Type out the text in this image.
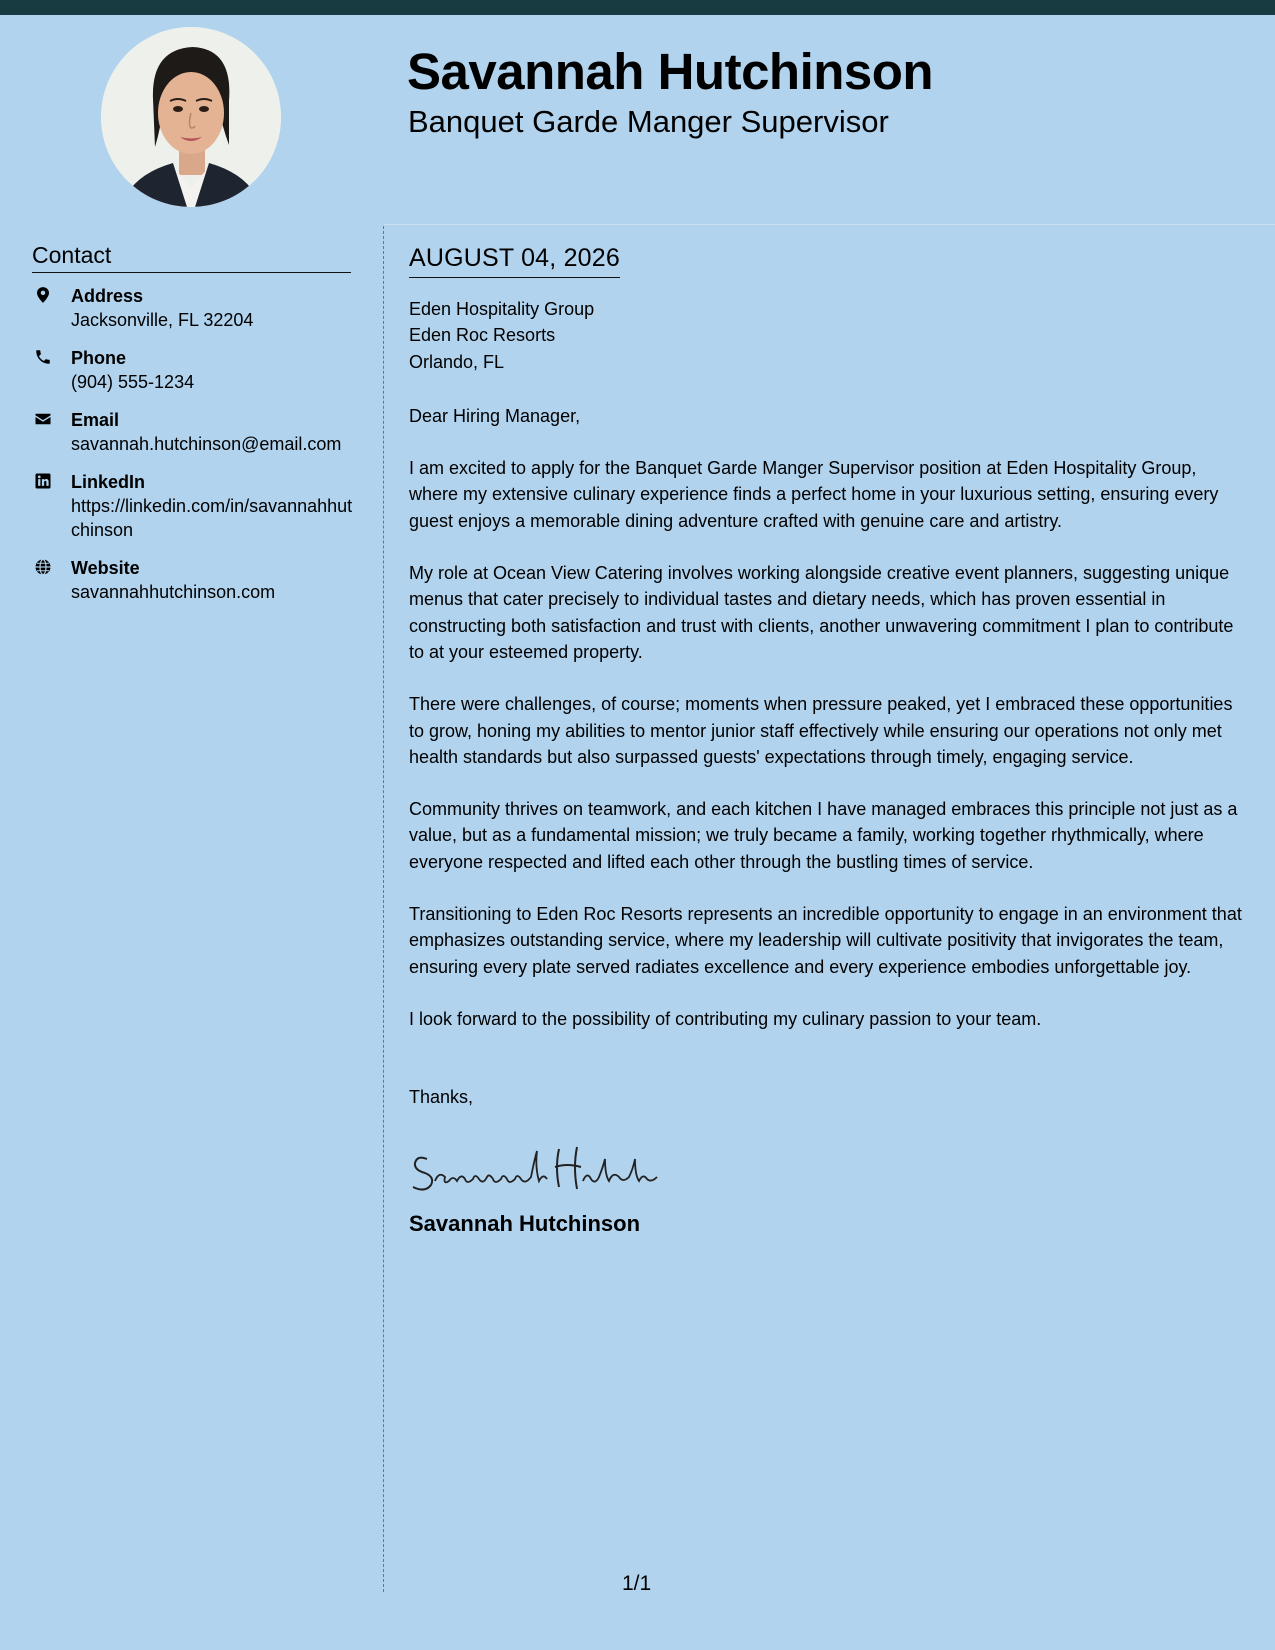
Savannah Hutchinson
Banquet Garde Manger Supervisor
Contact
Address
Jacksonville, FL 32204
Phone
(904) 555-1234
Email
savannah.hutchinson@email.com
LinkedIn
https://linkedin.com/in/savannahhutchinson
Website
savannahhutchinson.com
AUGUST 04, 2026
Eden Hospitality Group
Eden Roc Resorts
Orlando, FL

Dear Hiring Manager,

I am excited to apply for the Banquet Garde Manger Supervisor position at Eden Hospitality Group, where my extensive culinary experience finds a perfect home in your luxurious setting, ensuring every guest enjoys a memorable dining adventure crafted with genuine care and artistry.

My role at Ocean View Catering involves working alongside creative event planners, suggesting unique menus that cater precisely to individual tastes and dietary needs, which has proven essential in constructing both satisfaction and trust with clients, another unwavering commitment I plan to contribute to at your esteemed property.

There were challenges, of course; moments when pressure peaked, yet I embraced these opportunities to grow, honing my abilities to mentor junior staff effectively while ensuring our operations not only met health standards but also surpassed guests' expectations through timely, engaging service.

Community thrives on teamwork, and each kitchen I have managed embraces this principle not just as a value, but as a fundamental mission; we truly became a family, working together rhythmically, where everyone respected and lifted each other through the bustling times of service.

Transitioning to Eden Roc Resorts represents an incredible opportunity to engage in an environment that emphasizes outstanding service, where my leadership will cultivate positivity that invigorates the team, ensuring every plate served radiates excellence and every experience embodies unforgettable joy.

I look forward to the possibility of contributing my culinary passion to your team.

Thanks,

Savannah Hutchinson
1/1
